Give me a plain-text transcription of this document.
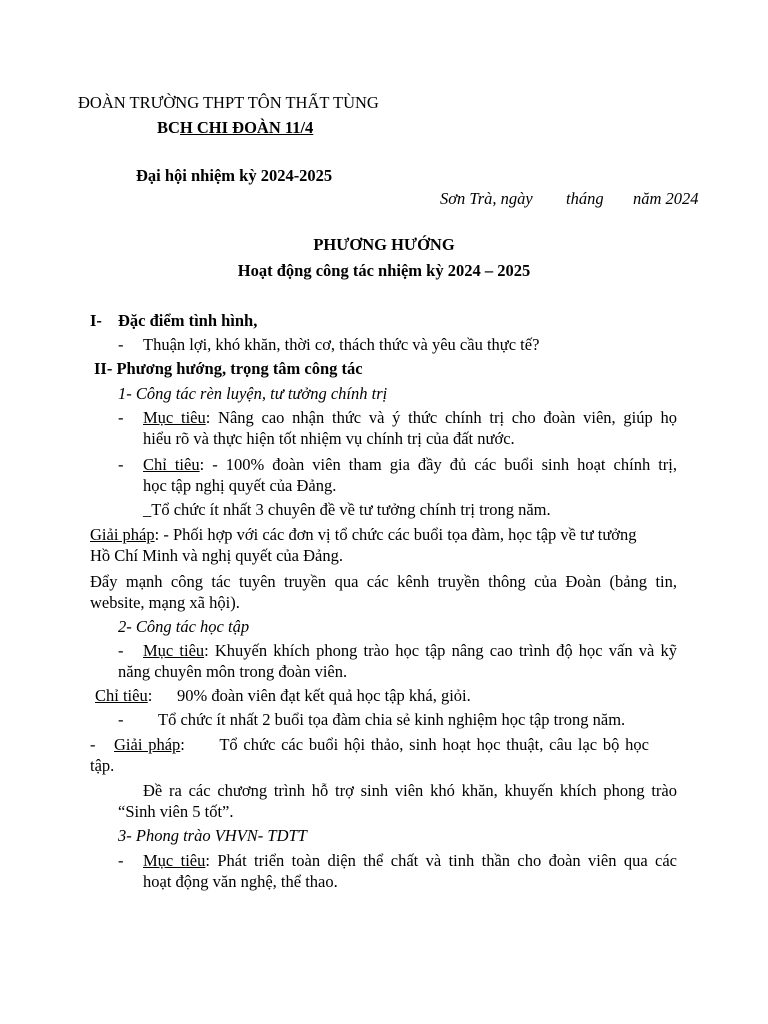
ĐOÀN TRƯỜNG THPT TÔN THẤT TÙNG
BCH CHI ĐOÀN 11/4
Đại hội nhiệm kỳ 2024-2025
Sơn Trà, ngày tháng năm 2024
PHƯƠNG HƯỚNG
Hoạt động công tác nhiệm kỳ 2024 – 2025
I- Đặc điểm tình hình,
- Thuận lợi, khó khăn, thời cơ, thách thức và yêu cầu thực tế?
II- Phương hướng, trọng tâm công tác
1- Công tác rèn luyện, tư tưởng chính trị
- Mục tiêu: Nâng cao nhận thức và ý thức chính trị cho đoàn viên, giúp họ
hiểu rõ và thực hiện tốt nhiệm vụ chính trị của đất nước.
- Chỉ tiêu: - 100% đoàn viên tham gia đầy đủ các buổi sinh hoạt chính trị,
học tập nghị quyết của Đảng.
_Tổ chức ít nhất 3 chuyên đề về tư tưởng chính trị trong năm.
Giải pháp: - Phối hợp với các đơn vị tổ chức các buổi tọa đàm, học tập về tư tưởng
Hồ Chí Minh và nghị quyết của Đảng.
Đẩy mạnh công tác tuyên truyền qua các kênh truyền thông của Đoàn (bảng tin,
website, mạng xã hội).
2- Công tác học tập
- Mục tiêu: Khuyến khích phong trào học tập nâng cao trình độ học vấn và kỹ
năng chuyên môn trong đoàn viên.
Chỉ tiêu:      90% đoàn viên đạt kết quả học tập khá, giỏi.
- Tổ chức ít nhất 2 buổi tọa đàm chia sẻ kinh nghiệm học tập trong năm.
- Giải pháp:      Tổ chức các buổi hội thảo, sinh hoạt học thuật, câu lạc bộ học
tập.
Đề ra các chương trình hỗ trợ sinh viên khó khăn, khuyến khích phong trào
“Sinh viên 5 tốt”.
3- Phong trào VHVN- TDTT
- Mục tiêu: Phát triển toàn diện thể chất và tinh thần cho đoàn viên qua các
hoạt động văn nghệ, thể thao.
